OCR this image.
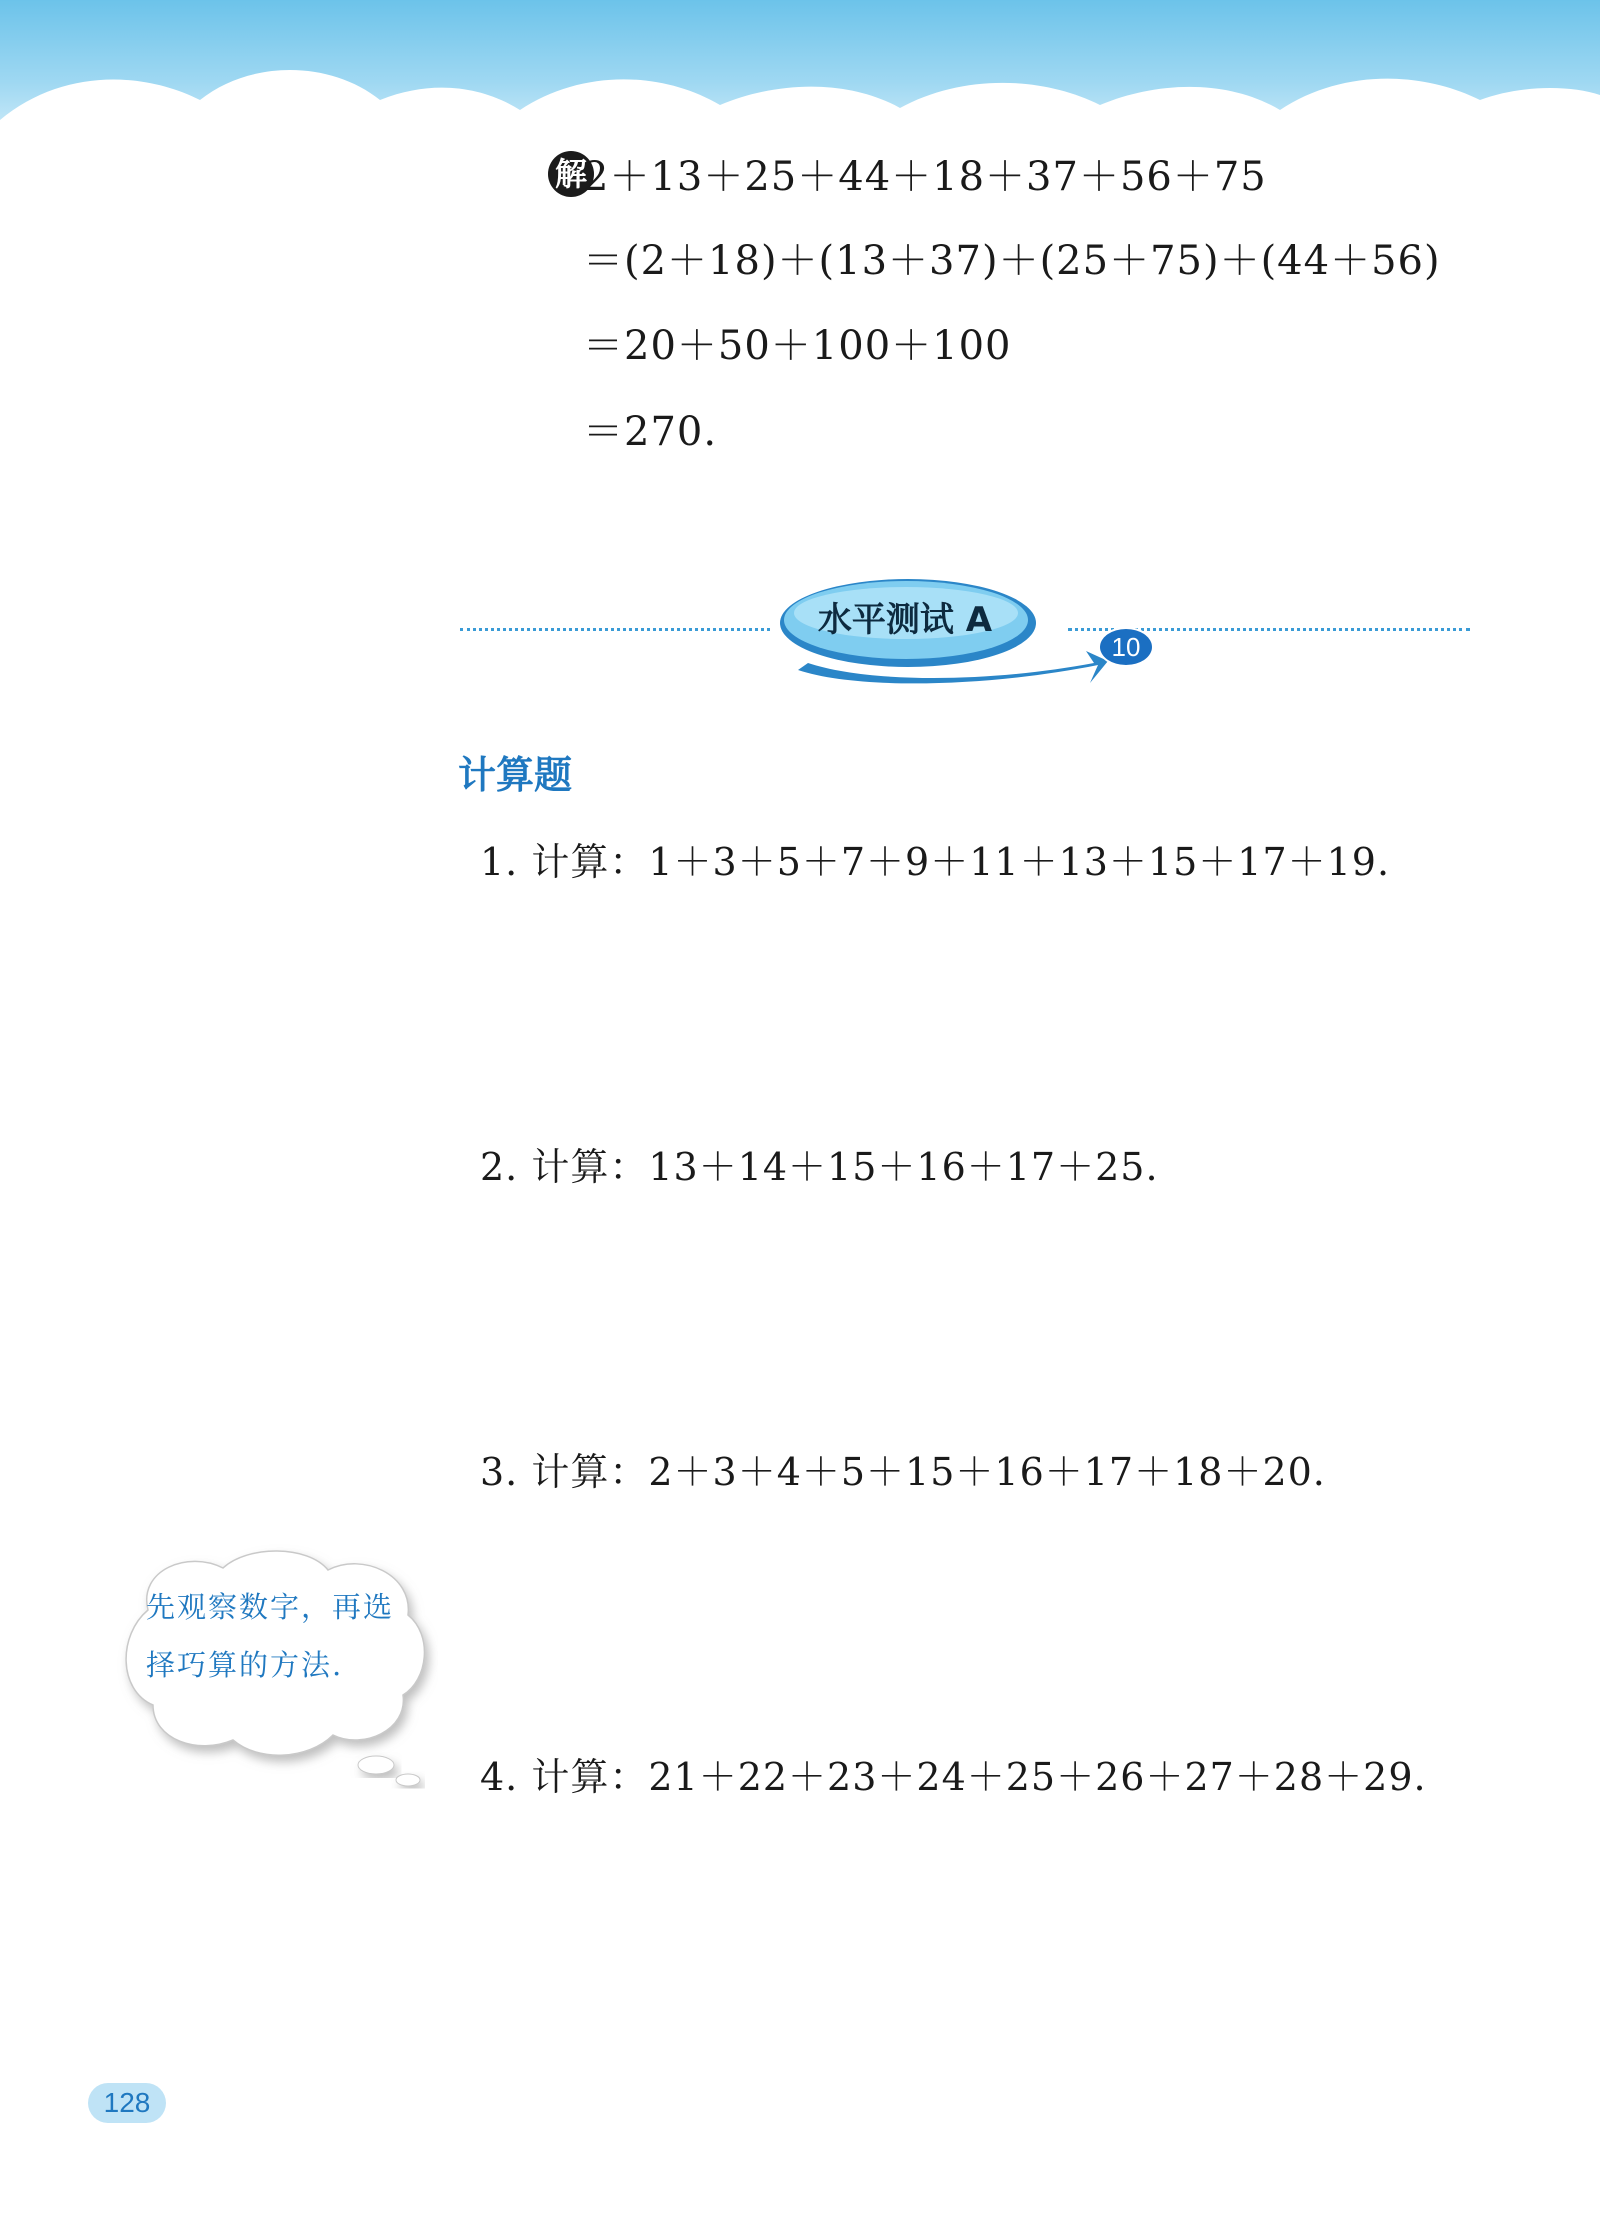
解
2＋13＋25＋44＋18＋37＋56＋75
＝(2＋18)＋(13＋37)＋(25＋75)＋(44＋56)
＝20＋50＋100＋100
＝270.
水平测试 A
10
计算题
1. 计算：1＋3＋5＋7＋9＋11＋13＋15＋17＋19.
2. 计算：13＋14＋15＋16＋17＋25.
3. 计算：2＋3＋4＋5＋15＋16＋17＋18＋20.
4. 计算：21＋22＋23＋24＋25＋26＋27＋28＋29.
先观察数字，再选
择巧算的方法.
128
